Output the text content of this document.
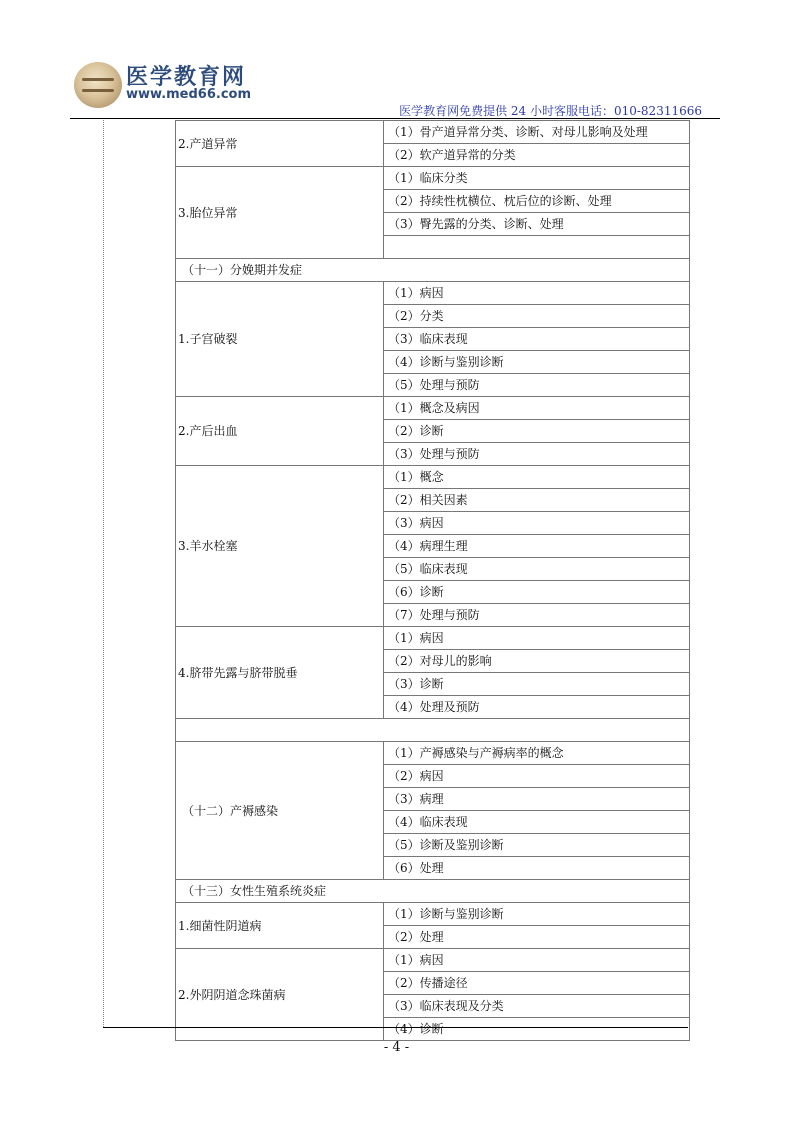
医学教育网
www.med66.com
医学教育网免费提供 24 小时客服电话：010-82311666
2.产道异常	（1）骨产道异常分类、诊断、对母儿影响及处理
	（2）软产道异常的分类
3.胎位异常	（1）临床分类
	（2）持续性枕横位、枕后位的诊断、处理
	（3）臀先露的分类、诊断、处理

（十一）分娩期并发症	
1.子宫破裂	（1）病因
	（2）分类
	（3）临床表现
	（4）诊断与鉴别诊断
	（5）处理与预防
2.产后出血	（1）概念及病因
	（2）诊断
	（3）处理与预防
3.羊水栓塞	（1）概念
	（2）相关因素
	（3）病因
	（4）病理生理
	（5）临床表现
	（6）诊断
	（7）处理与预防
4.脐带先露与脐带脱垂	（1）病因
	（2）对母儿的影响
	（3）诊断
	（4）处理及预防

（十二）产褥感染	（1）产褥感染与产褥病率的概念
	（2）病因
	（3）病理
	（4）临床表现
	（5）诊断及鉴别诊断
	（6）处理
（十三）女性生殖系统炎症	
1.细菌性阴道病	（1）诊断与鉴别诊断
	（2）处理
2.外阴阴道念珠菌病	（1）病因
	（2）传播途径
	（3）临床表现及分类
	（4）诊断
- 4 -
